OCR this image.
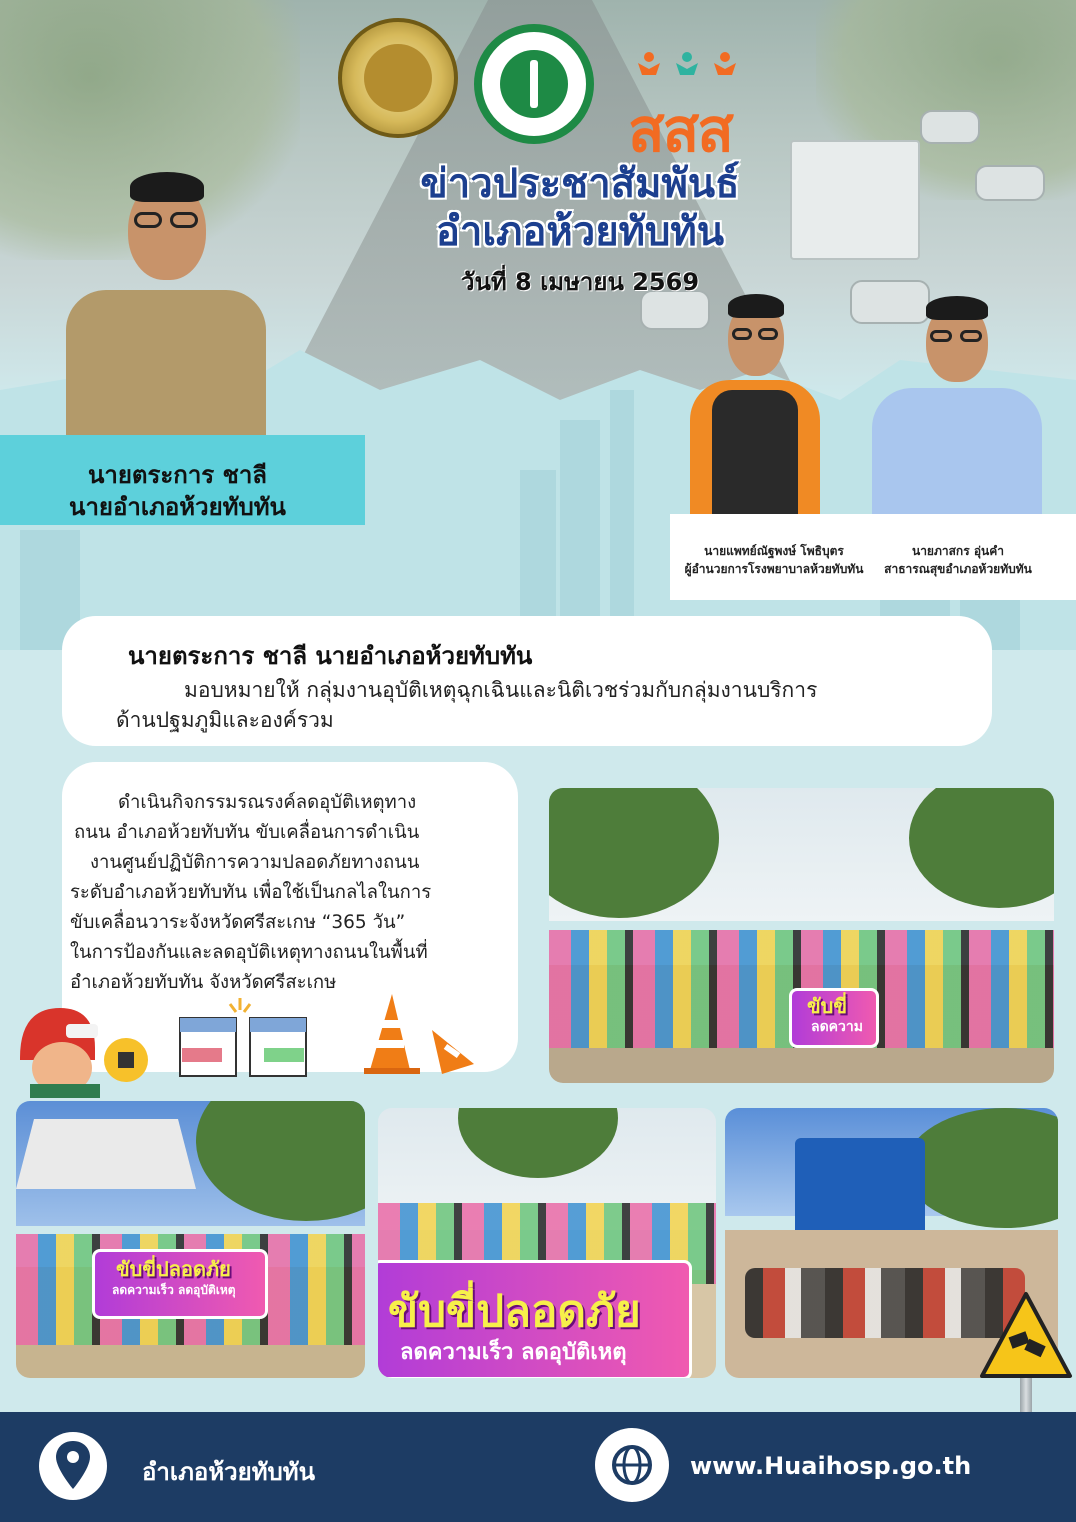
สสส
ข่าวประชาสัมพันธ์
อำเภอห้วยทับทัน
วันที่ 8 เมษายน 2569
นายตระการ ชาลี
นายอำเภอห้วยทับทัน
นายแพทย์ณัฐพงษ์ โพธิบุตร
ผู้อำนวยการโรงพยาบาลห้วยทับทัน
นายภาสกร อุ่นคำ
สาธารณสุขอำเภอห้วยทับทัน
นายตระการ ชาลี นายอำเภอห้วยทับทัน
มอบหมายให้ กลุ่มงานอุบัติเหตุฉุกเฉินและนิติเวชร่วมกับกลุ่มงานบริการ
ด้านปฐมภูมิและองค์รวม
ดำเนินกิจกรรมรณรงค์ลดอุบัติเหตุทาง
ถนน อำเภอห้วยทับทัน ขับเคลื่อนการดำเนิน
งานศูนย์ปฏิบัติการความปลอดภัยทางถนน
ระดับอำเภอห้วยทับทัน เพื่อใช้เป็นกลไลในการ
ขับเคลื่อนวาระจังหวัดศรีสะเกษ “365 วัน”
ในการป้องกันและลดอุบัติเหตุทางถนนในพื้นที่
อำเภอห้วยทับทัน จังหวัดศรีสะเกษ
ขับขี่
ลดความ
ขับขี่ปลอดภัย
ลดความเร็ว ลดอุบัติเหตุ	ขับขี่ปลอดภัย
ลดความเร็ว ลดอุบัติเหตุ
อำเภอห้วยทับทัน	www.Huaihosp.go.th
